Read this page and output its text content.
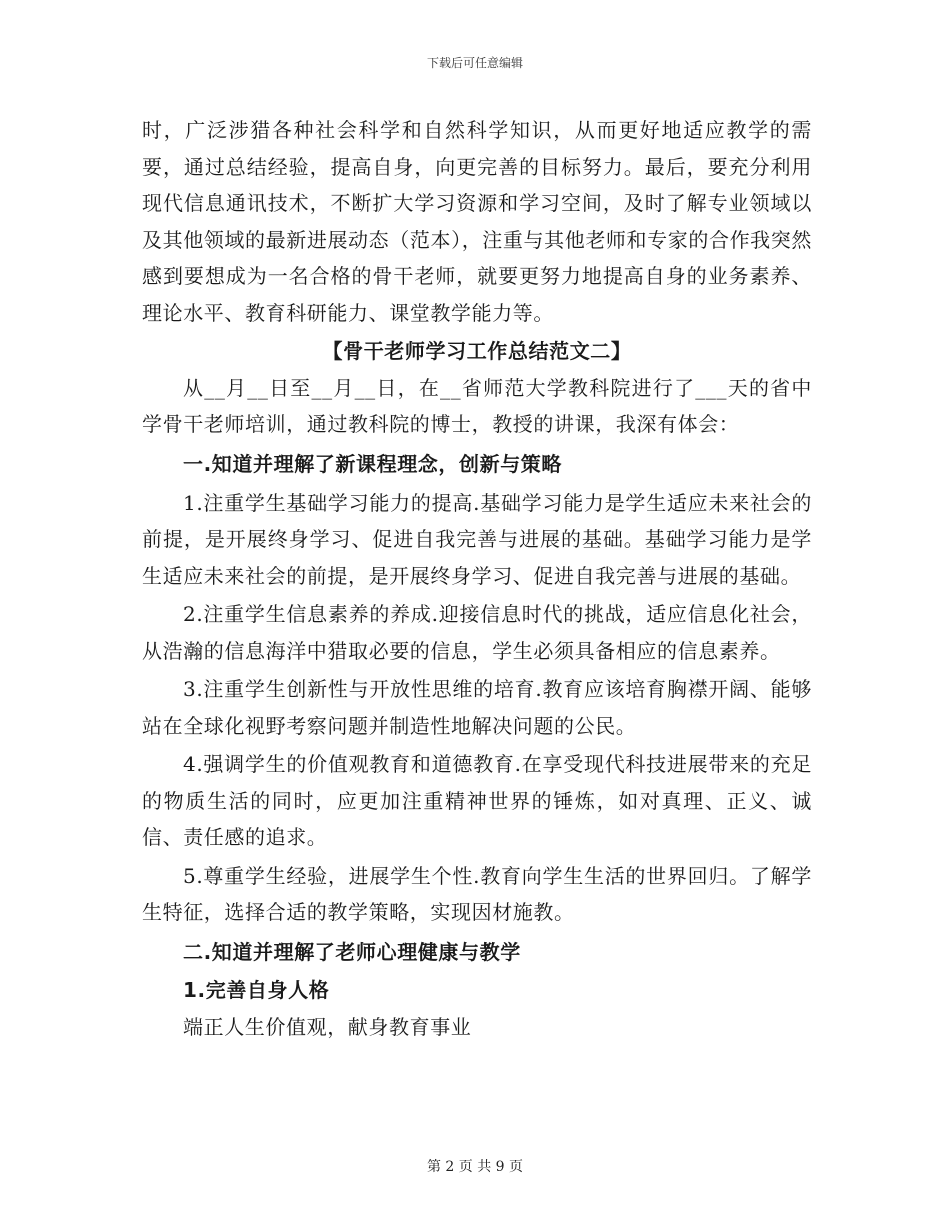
下载后可任意编辑

时，广泛涉猎各种社会科学和自然科学知识，从而更好地适应教学的需要，通过总结经验，提高自身，向更完善的目标努力。最后，要充分利用现代信息通讯技术，不断扩大学习资源和学习空间，及时了解专业领域以及其他领域的最新进展动态（范本），注重与其他老师和专家的合作我突然感到要想成为一名合格的骨干老师，就要更努力地提高自身的业务素养、理论水平、教育科研能力、课堂教学能力等。

【骨干老师学习工作总结范文二】

从__月__日至__月__日，在__省师范大学教科院进行了___天的省中学骨干老师培训，通过教科院的博士，教授的讲课，我深有体会：

一.知道并理解了新课程理念，创新与策略

1.注重学生基础学习能力的提高.基础学习能力是学生适应未来社会的前提，是开展终身学习、促进自我完善与进展的基础。基础学习能力是学生适应未来社会的前提，是开展终身学习、促进自我完善与进展的基础。

2.注重学生信息素养的养成.迎接信息时代的挑战，适应信息化社会，从浩瀚的信息海洋中猎取必要的信息，学生必须具备相应的信息素养。

3.注重学生创新性与开放性思维的培育.教育应该培育胸襟开阔、能够站在全球化视野考察问题并制造性地解决问题的公民。

4.强调学生的价值观教育和道德教育.在享受现代科技进展带来的充足的物质生活的同时，应更加注重精神世界的锤炼，如对真理、正义、诚信、责任感的追求。

5.尊重学生经验，进展学生个性.教育向学生生活的世界回归。了解学生特征，选择合适的教学策略，实现因材施教。

二.知道并理解了老师心理健康与教学

1.完善自身人格

端正人生价值观，献身教育事业

第 2 页 共 9 页
